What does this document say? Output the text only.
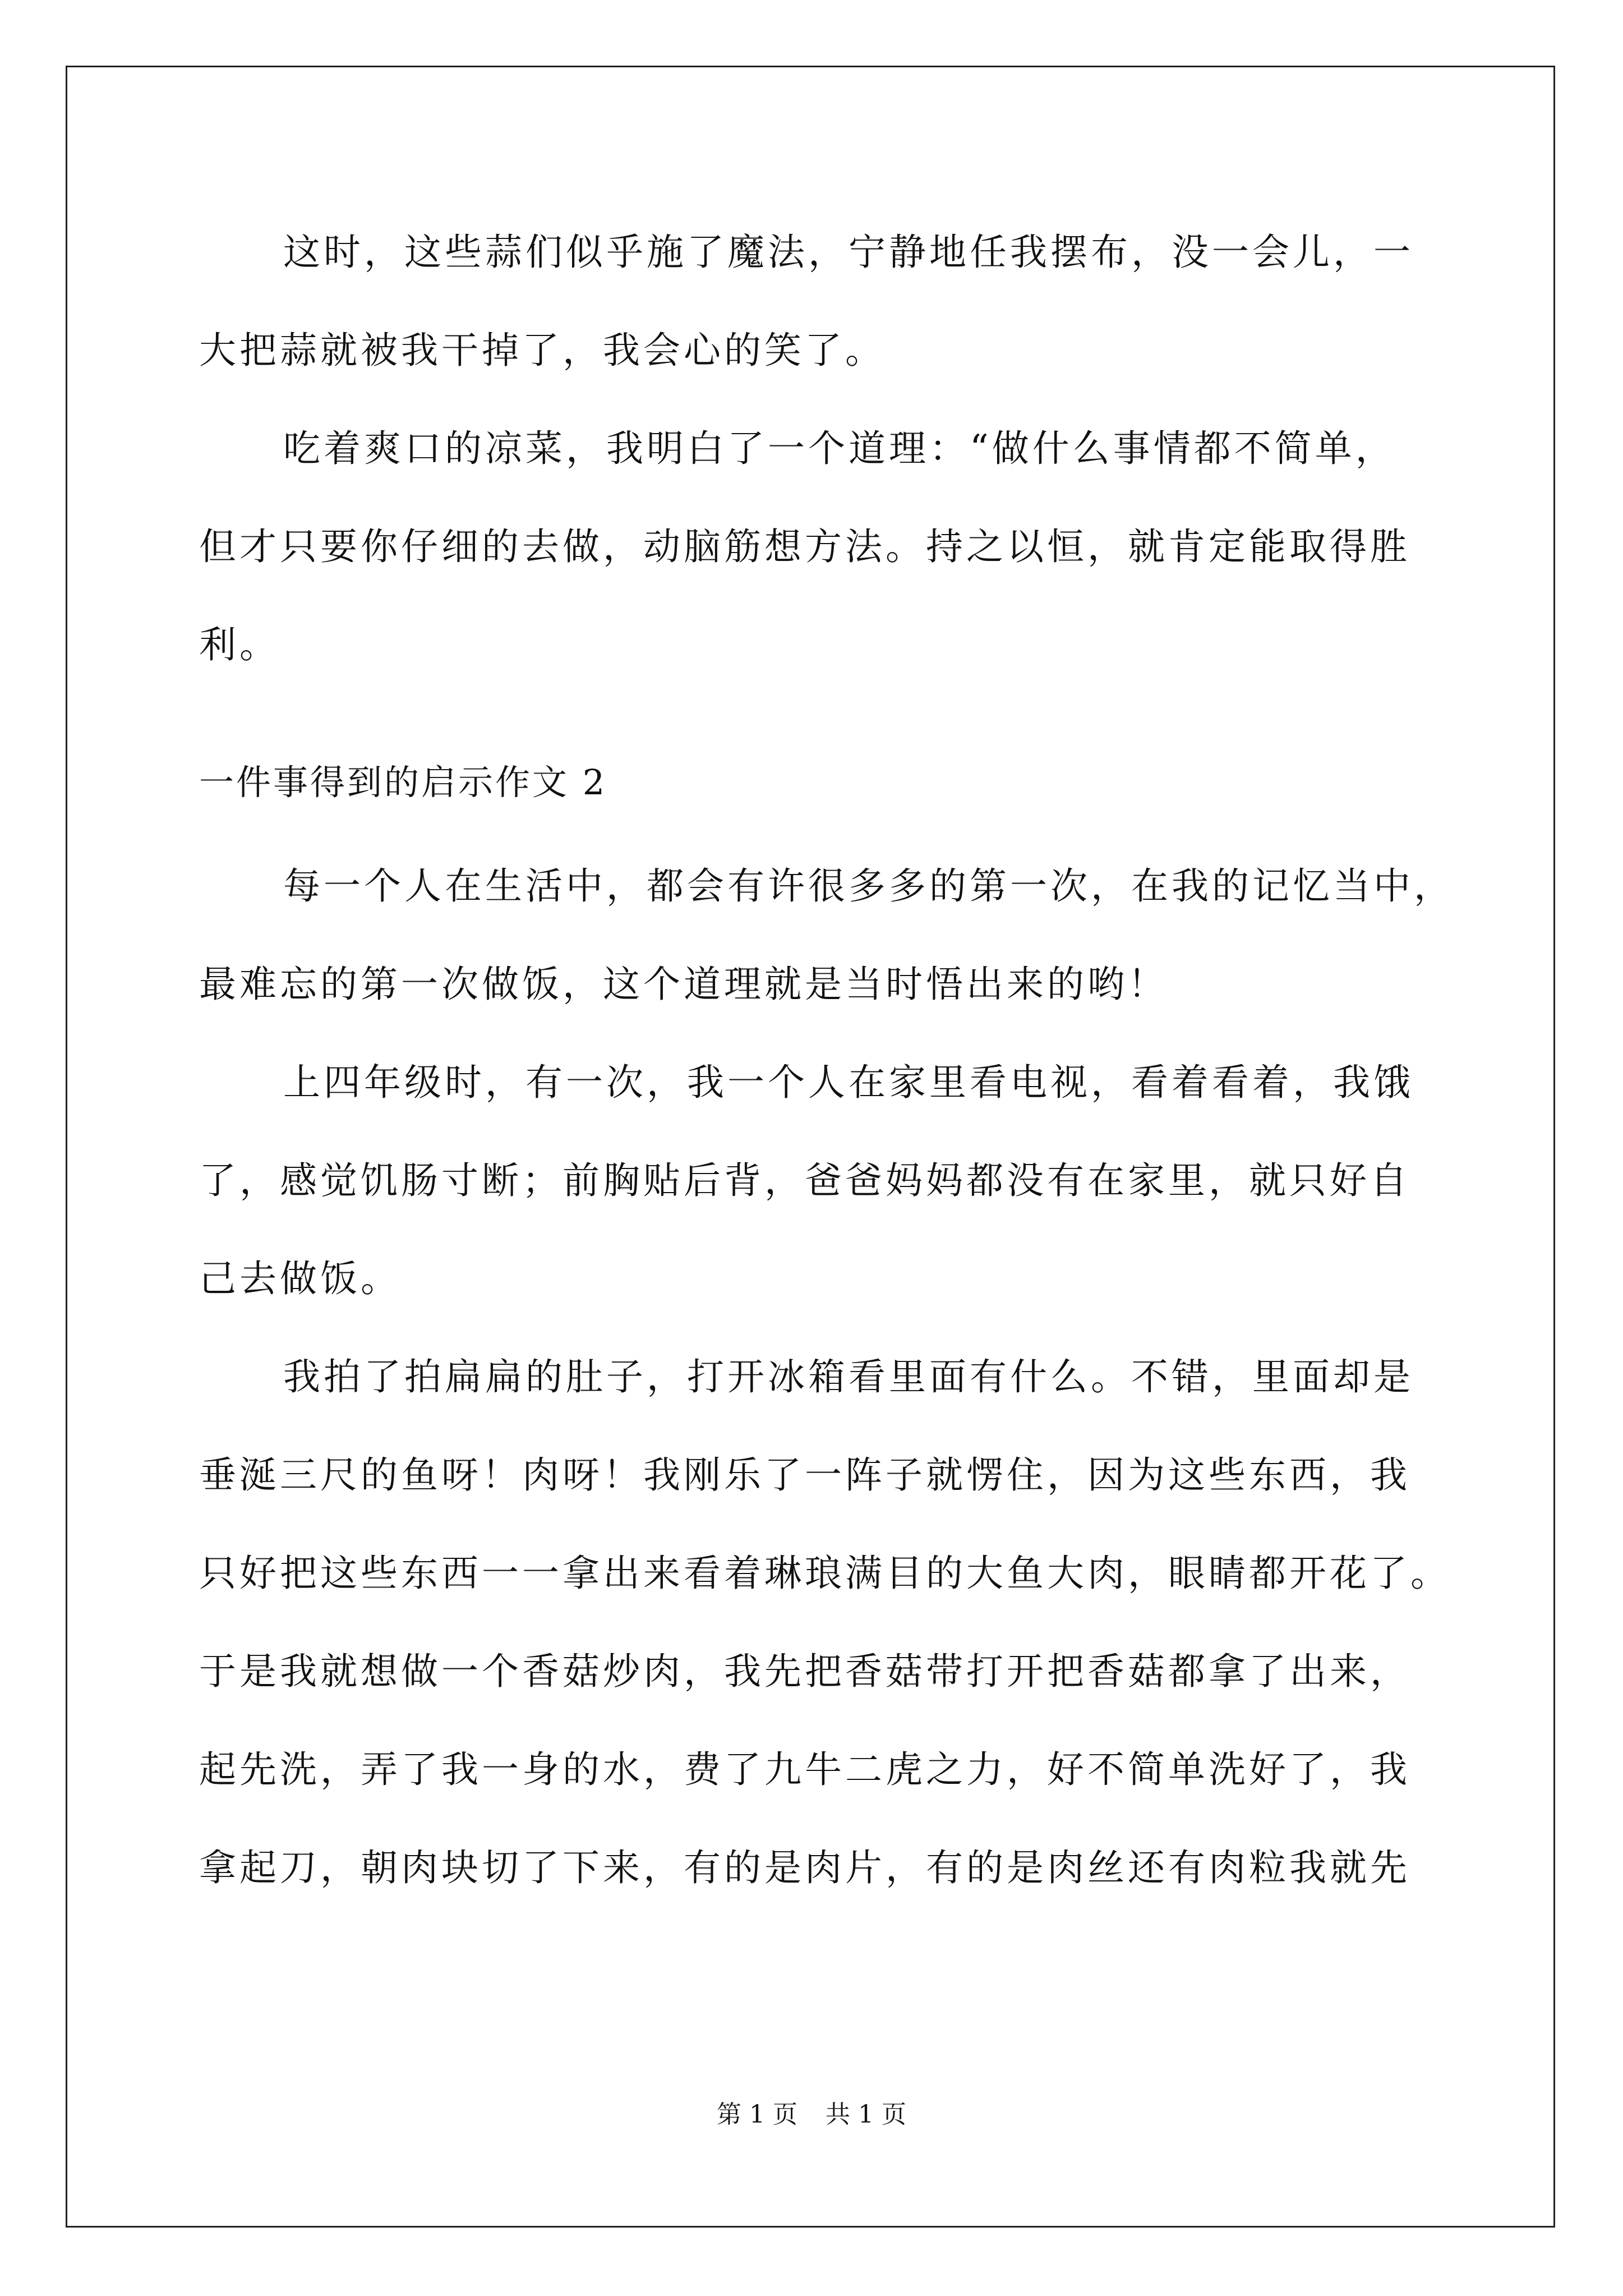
这时，这些蒜们似乎施了魔法，宁静地任我摆布，没一会儿，一
大把蒜就被我干掉了，我会心的笑了。
吃着爽口的凉菜，我明白了一个道理：“做什么事情都不简单，
但才只要你仔细的去做，动脑筋想方法。持之以恒，就肯定能取得胜
利。
一件事得到的启示作文 2
每一个人在生活中，都会有许很多多的第一次，在我的记忆当中，
最难忘的第一次做饭，这个道理就是当时悟出来的哟！
上四年级时，有一次，我一个人在家里看电视，看着看着，我饿
了，感觉饥肠寸断；前胸贴后背，爸爸妈妈都没有在家里，就只好自
己去做饭。
我拍了拍扁扁的肚子，打开冰箱看里面有什么。不错，里面却是
垂涎三尺的鱼呀！肉呀！我刚乐了一阵子就愣住，因为这些东西，我
只好把这些东西一一拿出来看着琳琅满目的大鱼大肉，眼睛都开花了。
于是我就想做一个香菇炒肉，我先把香菇带打开把香菇都拿了出来，
起先洗，弄了我一身的水，费了九牛二虎之力，好不简单洗好了，我
拿起刀，朝肉块切了下来，有的是肉片，有的是肉丝还有肉粒我就先
第 1 页 共 1 页
